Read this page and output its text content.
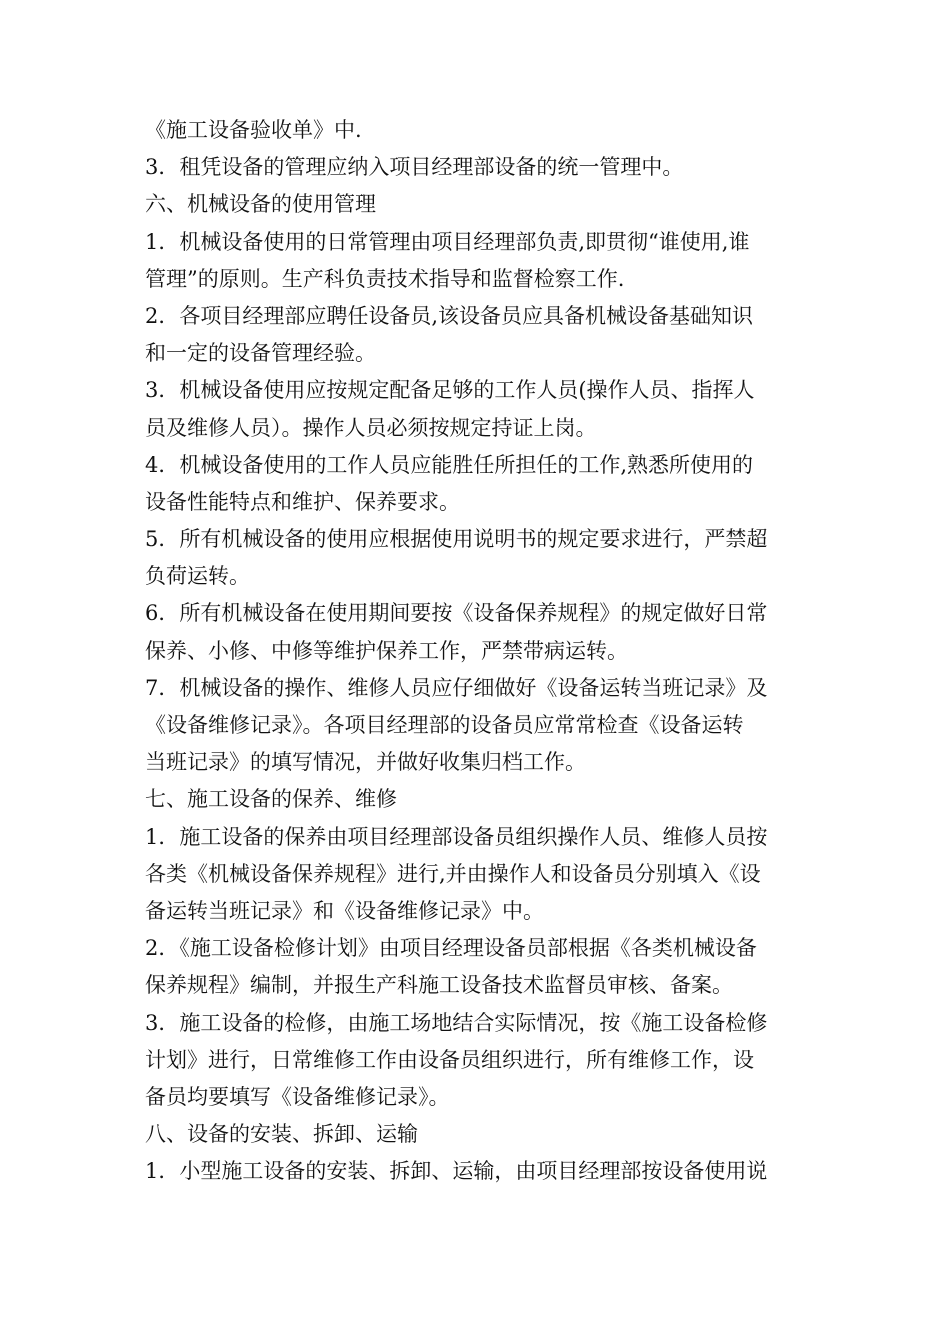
《施工设备验收单》中.
3．租凭设备的管理应纳入项目经理部设备的统一管理中。
六、机械设备的使用管理
1．机械设备使用的日常管理由项目经理部负责,即贯彻“谁使用,谁
管理”的原则。生产科负责技术指导和监督检察工作.
2．各项目经理部应聘任设备员,该设备员应具备机械设备基础知识
和一定的设备管理经验。
3．机械设备使用应按规定配备足够的工作人员(操作人员、指挥人
员及维修人员）。操作人员必须按规定持证上岗。
4．机械设备使用的工作人员应能胜任所担任的工作,熟悉所使用的
设备性能特点和维护、保养要求。
5．所有机械设备的使用应根据使用说明书的规定要求进行，严禁超
负荷运转。
6．所有机械设备在使用期间要按《设备保养规程》的规定做好日常
保养、小修、中修等维护保养工作，严禁带病运转。
7．机械设备的操作、维修人员应仔细做好《设备运转当班记录》及
《设备维修记录》。各项目经理部的设备员应常常检查《设备运转
当班记录》的填写情况，并做好收集归档工作。
七、施工设备的保养、维修
1．施工设备的保养由项目经理部设备员组织操作人员、维修人员按
各类《机械设备保养规程》进行,并由操作人和设备员分别填入《设
备运转当班记录》和《设备维修记录》中。
2．《施工设备检修计划》由项目经理设备员部根据《各类机械设备
保养规程》编制，并报生产科施工设备技术监督员审核、备案。
3．施工设备的检修，由施工场地结合实际情况，按《施工设备检修
计划》进行，日常维修工作由设备员组织进行，所有维修工作，设
备员均要填写《设备维修记录》。
八、设备的安装、拆卸、运输
1．小型施工设备的安装、拆卸、运输，由项目经理部按设备使用说
